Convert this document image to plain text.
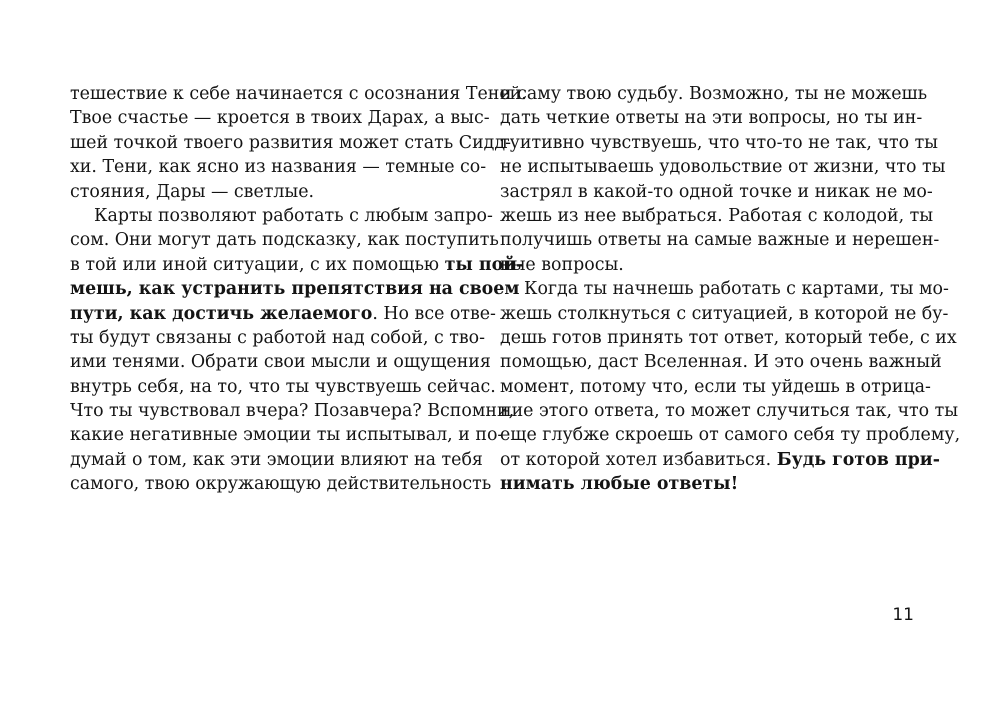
тешествие к себе начинается с осознания Теней.
Твое счастье — кроется в твоих Дарах, а выс-
шей точкой твоего развития может стать Сидд-
хи. Тени, как ясно из названия — темные со-
стояния, Дары — светлые.
Карты позволяют работать с любым запро-
сом. Они могут дать подсказку, как поступить
в той или иной ситуации, с их помощью ты пой-
мешь, как устранить препятствия на своем
пути, как достичь желаемого. Но все отве-
ты будут связаны с работой над собой, с тво-
ими тенями. Обрати свои мысли и ощущения
внутрь себя, на то, что ты чувствуешь сейчас.
Что ты чувствовал вчера? Позавчера? Вспомни,
какие негативные эмоции ты испытывал, и по-
думай о том, как эти эмоции влияют на тебя
самого, твою окружающую действительность
и саму твою судьбу. Возможно, ты не можешь
дать четкие ответы на эти вопросы, но ты ин-
туитивно чувствуешь, что что-то не так, что ты
не испытываешь удовольствие от жизни, что ты
застрял в какой-то одной точке и никак не мо-
жешь из нее выбраться. Работая с колодой, ты
получишь ответы на самые важные и нерешен-
ные вопросы.
Когда ты начнешь работать с картами, ты мо-
жешь столкнуться с ситуацией, в которой не бу-
дешь готов принять тот ответ, который тебе, с их
помощью, даст Вселенная. И это очень важный
момент, потому что, если ты уйдешь в отрица-
ние этого ответа, то может случиться так, что ты
еще глубже скроешь от самого себя ту проблему,
от которой хотел избавиться. Будь готов при-
нимать любые ответы!
11
